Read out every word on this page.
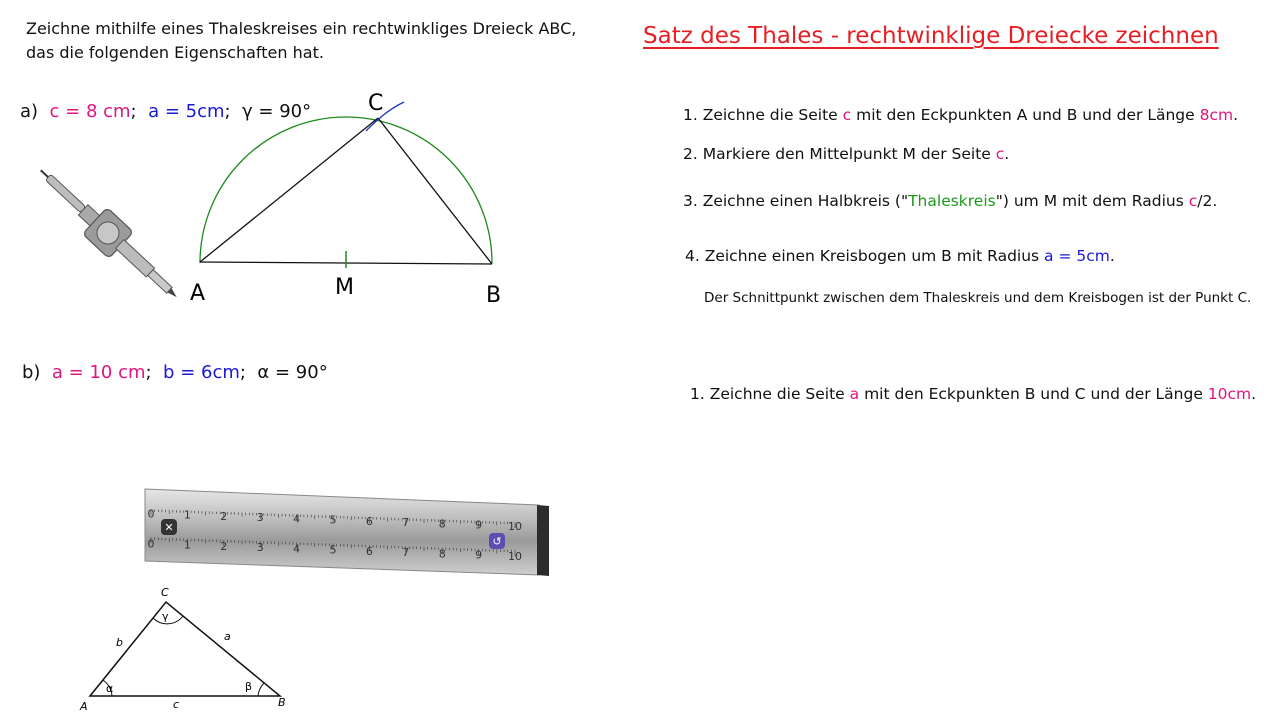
Zeichne mithilfe eines Thaleskreises ein rechtwinkliges Dreieck ABC,
das die folgenden Eigenschaften hat.
Satz des Thales - rechtwinklige Dreiecke zeichnen
a) c = 8 cm;  a = 5cm;  γ = 90°
b) a = 10 cm;  b = 6cm;  α = 90°
A	M	B
C	1. Zeichne die Seite c mit den Eckpunkten A und B und der Länge 8cm.
2. Markiere den Mittelpunkt M der Seite c.
3. Zeichne einen Halbkreis ("Thaleskreis") um M mit dem Radius c/2.
4. Zeichne einen Kreisbogen um B mit Radius a = 5cm.
Der Schnittpunkt zwischen dem Thaleskreis und dem Kreisbogen ist der Punkt C.
1. Zeichne die Seite a mit den Eckpunkten B und C und der Länge 10cm.
0	1	2	3	4	5	6	7	8	9 10
0	1	2	3	4	5	6	7	8	9 10
✕
↺
α	β
γ
b	a
c
A	B
C
